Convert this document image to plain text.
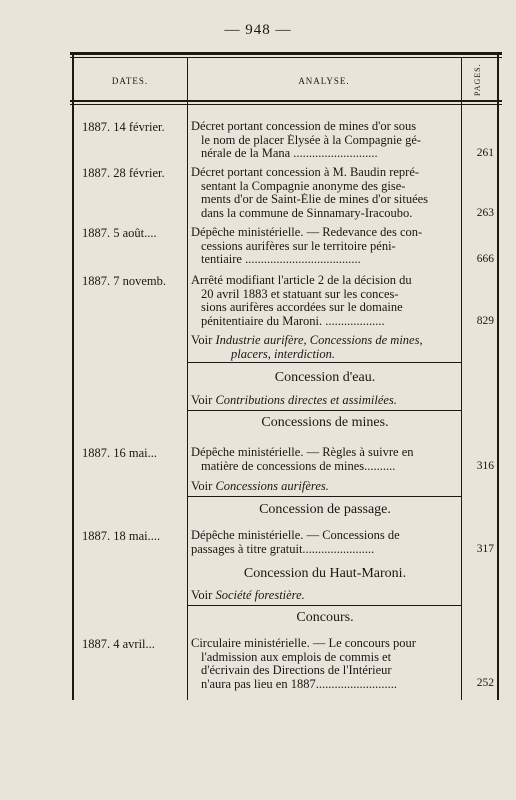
— 948 —
DATES.	ANALYSE.	PAGES.
1887. 14 février.	Décret portant concession de mines d'or sous
le nom de placer Élysée à la Compagnie gé-
nérale de la Mana ...........................	261
1887. 28 février.	Décret portant concession à M. Baudin repré-
sentant la Compagnie anonyme des gise-
ments d'or de Saint-Élie de mines d'or situées
dans la commune de Sinnamary-Iracoubo.	263
1887. 5 août....	Dépêche ministérielle. — Redevance des con-
cessions aurifères sur le territoire péni-
tentiaire .....................................	666
1887. 7 novemb.	Arrêté modifiant l'article 2 de la décision du
20 avril 1883 et statuant sur les conces-
sions aurifères accordées sur le domaine
pénitentiaire du Maroni. ...................	829
Voir Industrie aurifère, Concessions de mines,
placers, interdiction.
Concession d'eau.
Voir Contributions directes et assimilées.
Concessions de mines.
1887. 16 mai...	Dépêche ministérielle. — Règles à suivre en
matière de concessions de mines..........	316
Voir Concessions aurifères.
Concession de passage.
1887. 18 mai....	Dépêche ministérielle. — Concessions de
passages à titre gratuit.......................	317
Concession du Haut-Maroni.
Voir Société forestière.
Concours.
1887. 4 avril...	Circulaire ministérielle. — Le concours pour
l'admission aux emplois de commis et
d'écrivain des Directions de l'Intérieur
n'aura pas lieu en 1887..........................	252
